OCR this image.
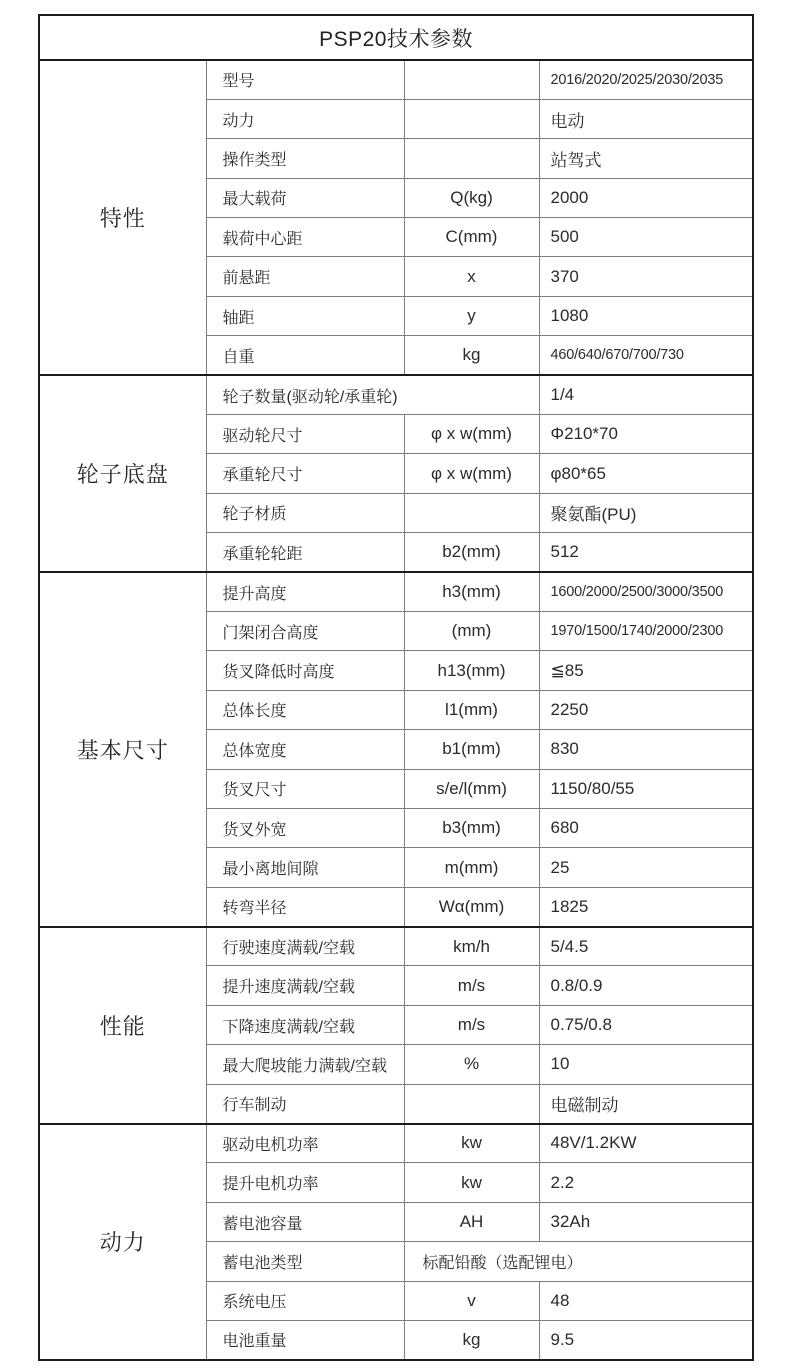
PSP20技术参数			
特性	型号		2016/2020/2025/2030/2035
	动力		电动
	操作类型		站驾式
	最大载荷	Q(kg)	2000
	载荷中心距	C(mm)	500
	前悬距	x	370
	轴距	y	1080
	自重	kg	460/640/670/700/730
轮子底盘	轮子数量(驱动轮/承重轮)		1/4
	驱动轮尺寸	φ x w(mm)	Φ210*70
	承重轮尺寸	φ x w(mm)	φ80*65
	轮子材质		聚氨酯(PU)
	承重轮轮距	b2(mm)	512
基本尺寸	提升高度	h3(mm)	1600/2000/2500/3000/3500
	门架闭合高度	(mm)	1970/1500/1740/2000/2300
	货叉降低时高度	h13(mm)	≦85
	总体长度	l1(mm)	2250
	总体宽度	b1(mm)	830
	货叉尺寸	s/e/l(mm)	1150/80/55
	货叉外宽	b3(mm)	680
	最小离地间隙	m(mm)	25
	转弯半径	Wα(mm)	1825
性能	行驶速度满载/空载	km/h	5/4.5
	提升速度满载/空载	m/s	0.8/0.9
	下降速度满载/空载	m/s	0.75/0.8
	最大爬坡能力满载/空载	%	10
	行车制动		电磁制动
动力	驱动电机功率	kw	48V/1.2KW
	提升电机功率	kw	2.2
	蓄电池容量	AH	32Ah
	蓄电池类型	标配铅酸（选配锂电）	
	系统电压	v	48
	电池重量	kg	9.5
